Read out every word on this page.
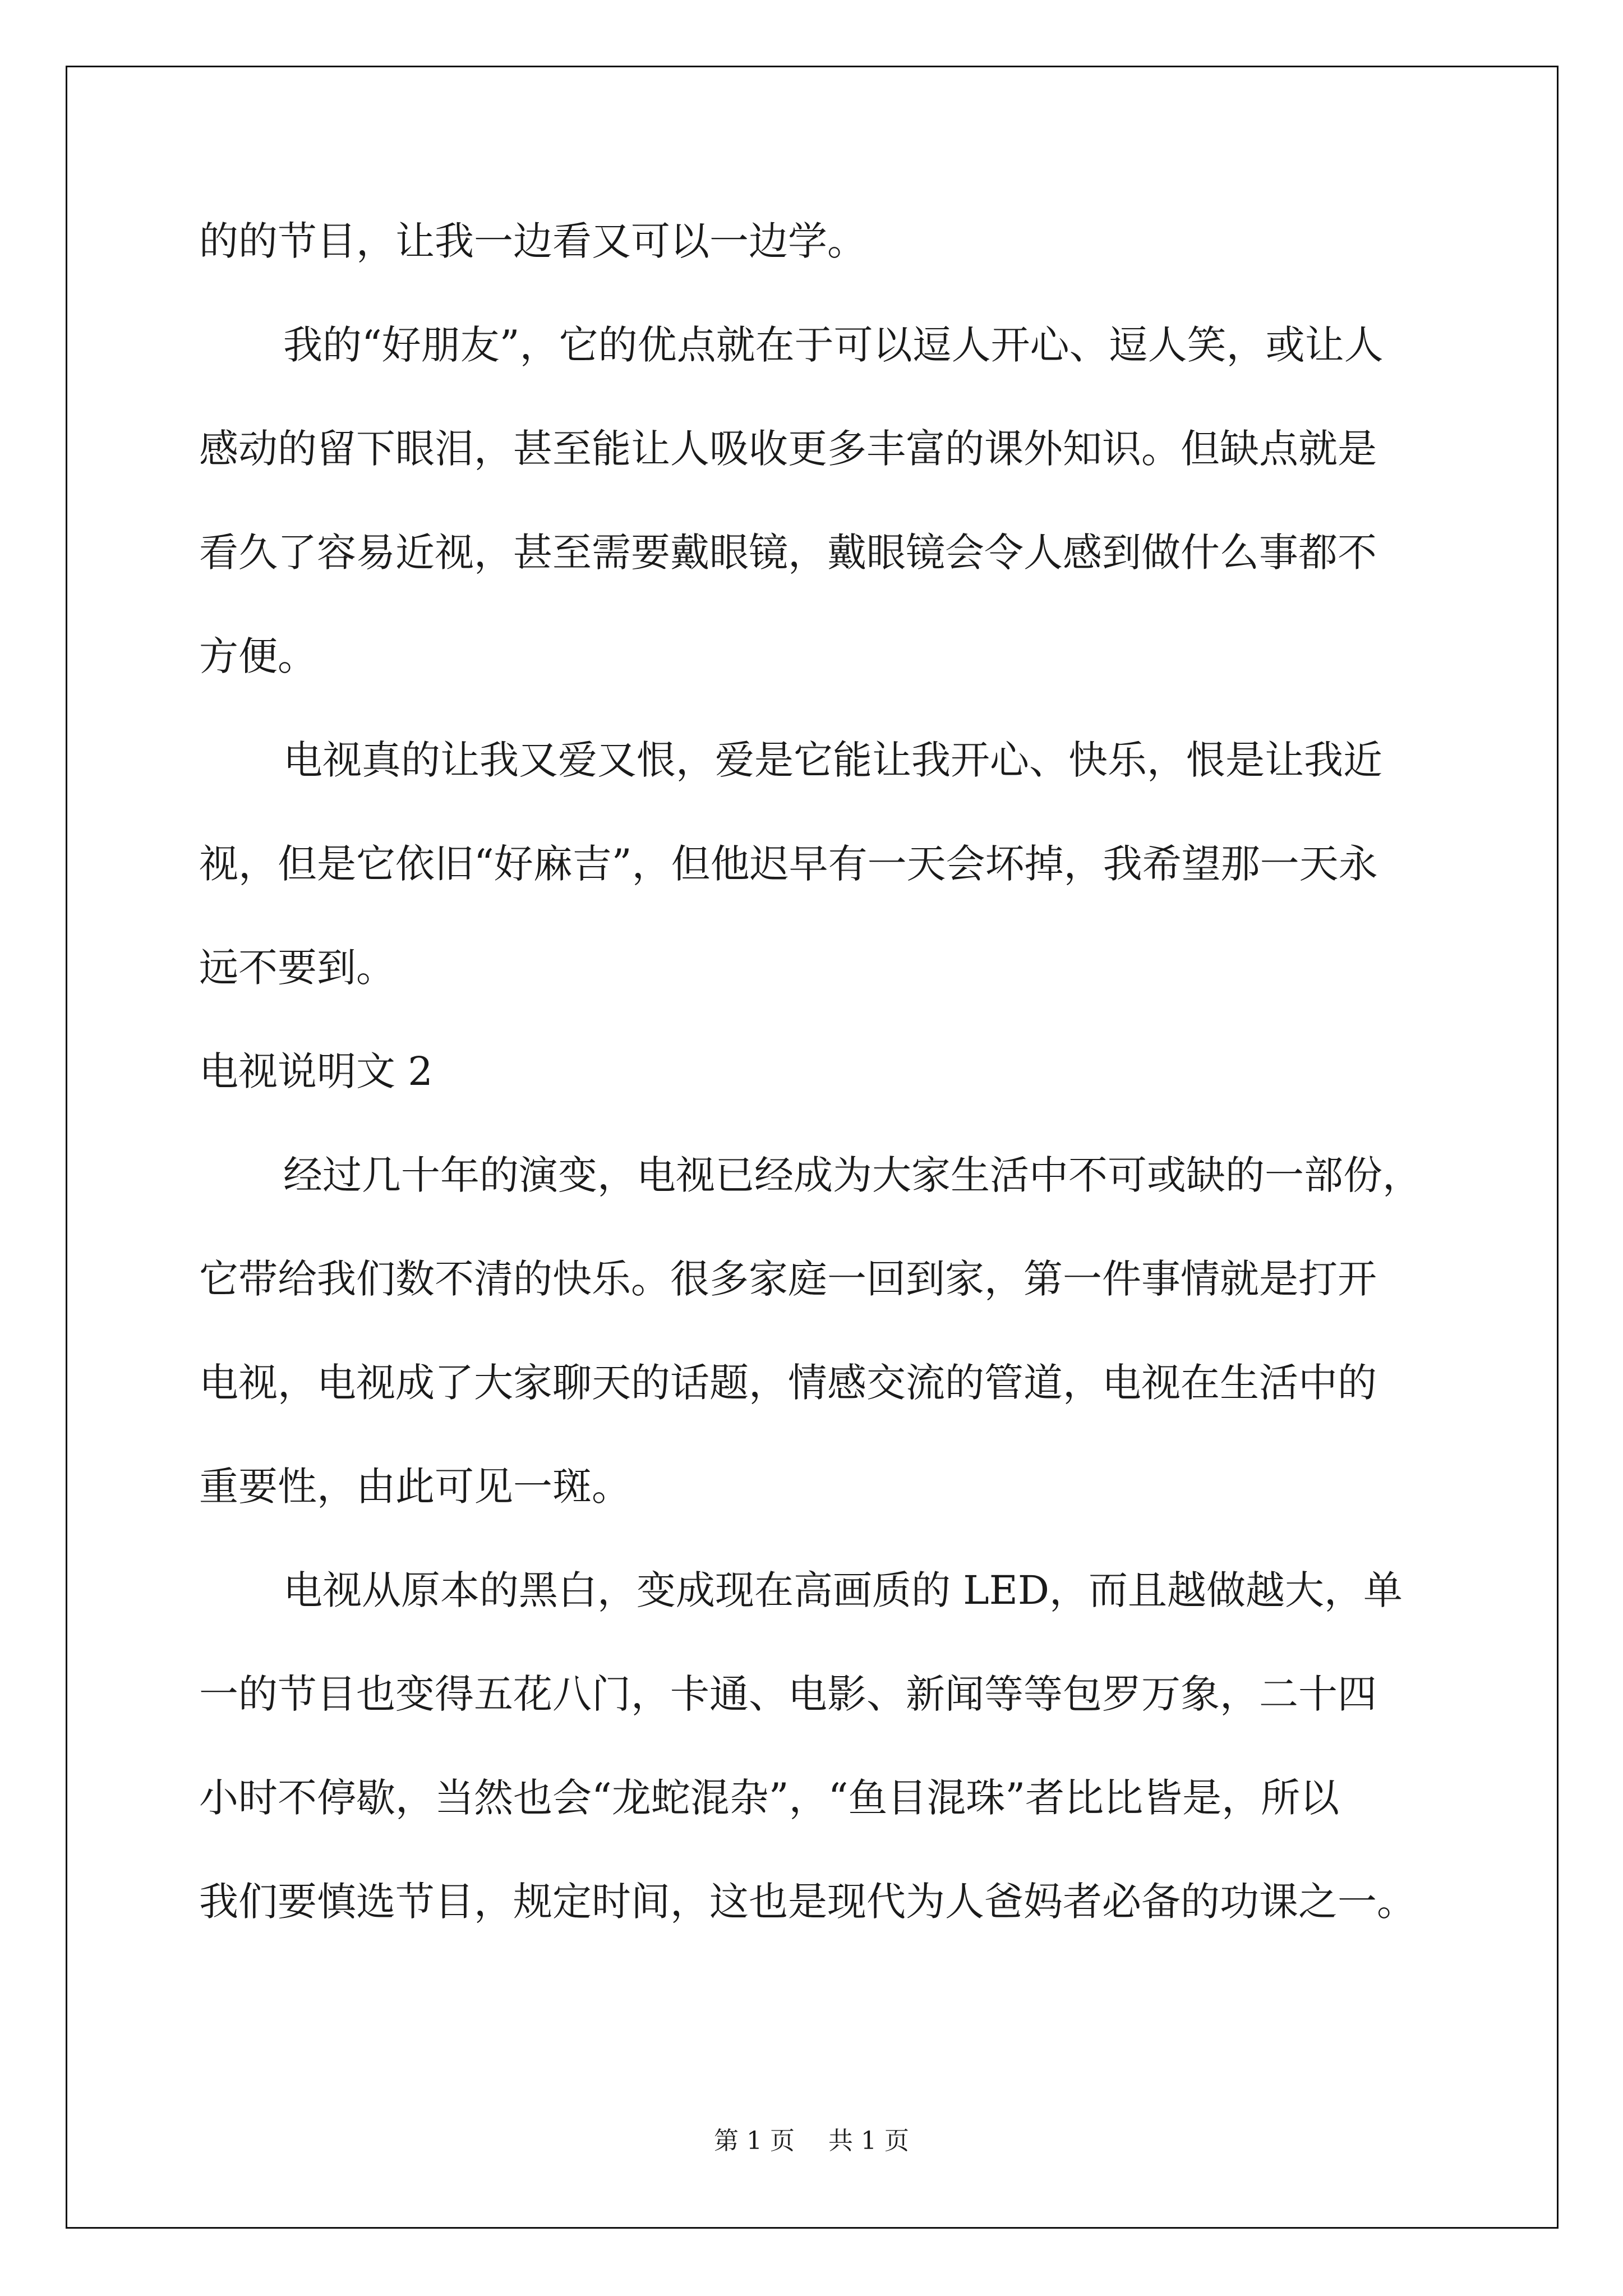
的的节目，让我一边看又可以一边学。
我的“好朋友”，它的优点就在于可以逗人开心、逗人笑，或让人
感动的留下眼泪，甚至能让人吸收更多丰富的课外知识。但缺点就是
看久了容易近视，甚至需要戴眼镜，戴眼镜会令人感到做什么事都不
方便。
电视真的让我又爱又恨，爱是它能让我开心、快乐，恨是让我近
视，但是它依旧“好麻吉”，但他迟早有一天会坏掉，我希望那一天永
远不要到。
电视说明文 2
经过几十年的演变，电视已经成为大家生活中不可或缺的一部份，
它带给我们数不清的快乐。很多家庭一回到家，第一件事情就是打开
电视，电视成了大家聊天的话题，情感交流的管道，电视在生活中的
重要性，由此可见一斑。
电视从原本的黑白，变成现在高画质的 LED，而且越做越大，单
一的节目也变得五花八门，卡通、电影、新闻等等包罗万象，二十四
小时不停歇，当然也会“龙蛇混杂”，“鱼目混珠”者比比皆是，所以
我们要慎选节目，规定时间，这也是现代为人爸妈者必备的功课之一。
第 1 页 共 1 页
